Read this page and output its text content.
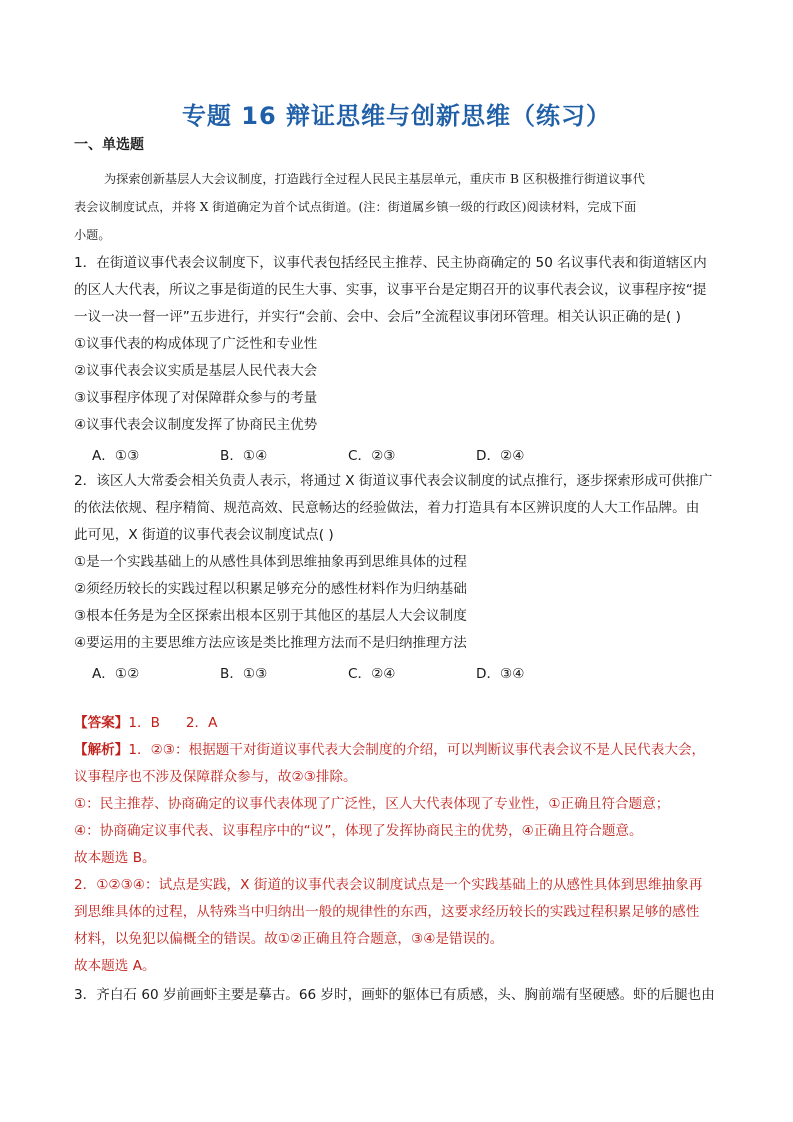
专题 16 辩证思维与创新思维（练习）
一、单选题
为探索创新基层人大会议制度，打造践行全过程人民民主基层单元，重庆市 B 区积极推行街道议事代
表会议制度试点，并将 X 街道确定为首个试点街道。(注：街道属乡镇一级的行政区)阅读材料，完成下面
小题。
1．在街道议事代表会议制度下，议事代表包括经民主推荐、民主协商确定的 50 名议事代表和街道辖区内
的区人大代表，所议之事是街道的民生大事、实事，议事平台是定期召开的议事代表会议，议事程序按“提
一议一决一督一评”五步进行，并实行“会前、会中、会后”全流程议事闭环管理。相关认识正确的是( )
①议事代表的构成体现了广泛性和专业性
②议事代表会议实质是基层人民代表大会
③议事程序体现了对保障群众参与的考量
④议事代表会议制度发挥了协商民主优势
A．①③	B．①④	C．②③	D．②④
2．该区人大常委会相关负责人表示，将通过 X 街道议事代表会议制度的试点推行，逐步探索形成可供推广
的依法依规、程序精简、规范高效、民意畅达的经验做法，着力打造具有本区辨识度的人大工作品牌。由
此可见，X 街道的议事代表会议制度试点( )
①是一个实践基础上的从感性具体到思维抽象再到思维具体的过程
②须经历较长的实践过程以积累足够充分的感性材料作为归纳基础
③根本任务是为全区探索出根本区别于其他区的基层人大会议制度
④要运用的主要思维方法应该是类比推理方法而不是归纳推理方法
A．①②	B．①③	C．②④	D．③④
【答案】1．B      2．A
【解析】1．②③：根据题干对街道议事代表大会制度的介绍，可以判断议事代表会议不是人民代表大会，
议事程序也不涉及保障群众参与，故②③排除。
①：民主推荐、协商确定的议事代表体现了广泛性，区人大代表体现了专业性，①正确且符合题意；
④：协商确定议事代表、议事程序中的“议”，体现了发挥协商民主的优势，④正确且符合题意。
故本题选 B。
2．①②③④：试点是实践，X 街道的议事代表会议制度试点是一个实践基础上的从感性具体到思维抽象再
到思维具体的过程，从特殊当中归纳出一般的规律性的东西，这要求经历较长的实践过程积累足够的感性
材料，以免犯以偏概全的错误。故①②正确且符合题意，③④是错误的。
故本题选 A。
3．齐白石 60 岁前画虾主要是摹古。66 岁时，画虾的躯体已有质感，头、胸前端有坚硬感。虾的后腿也由
